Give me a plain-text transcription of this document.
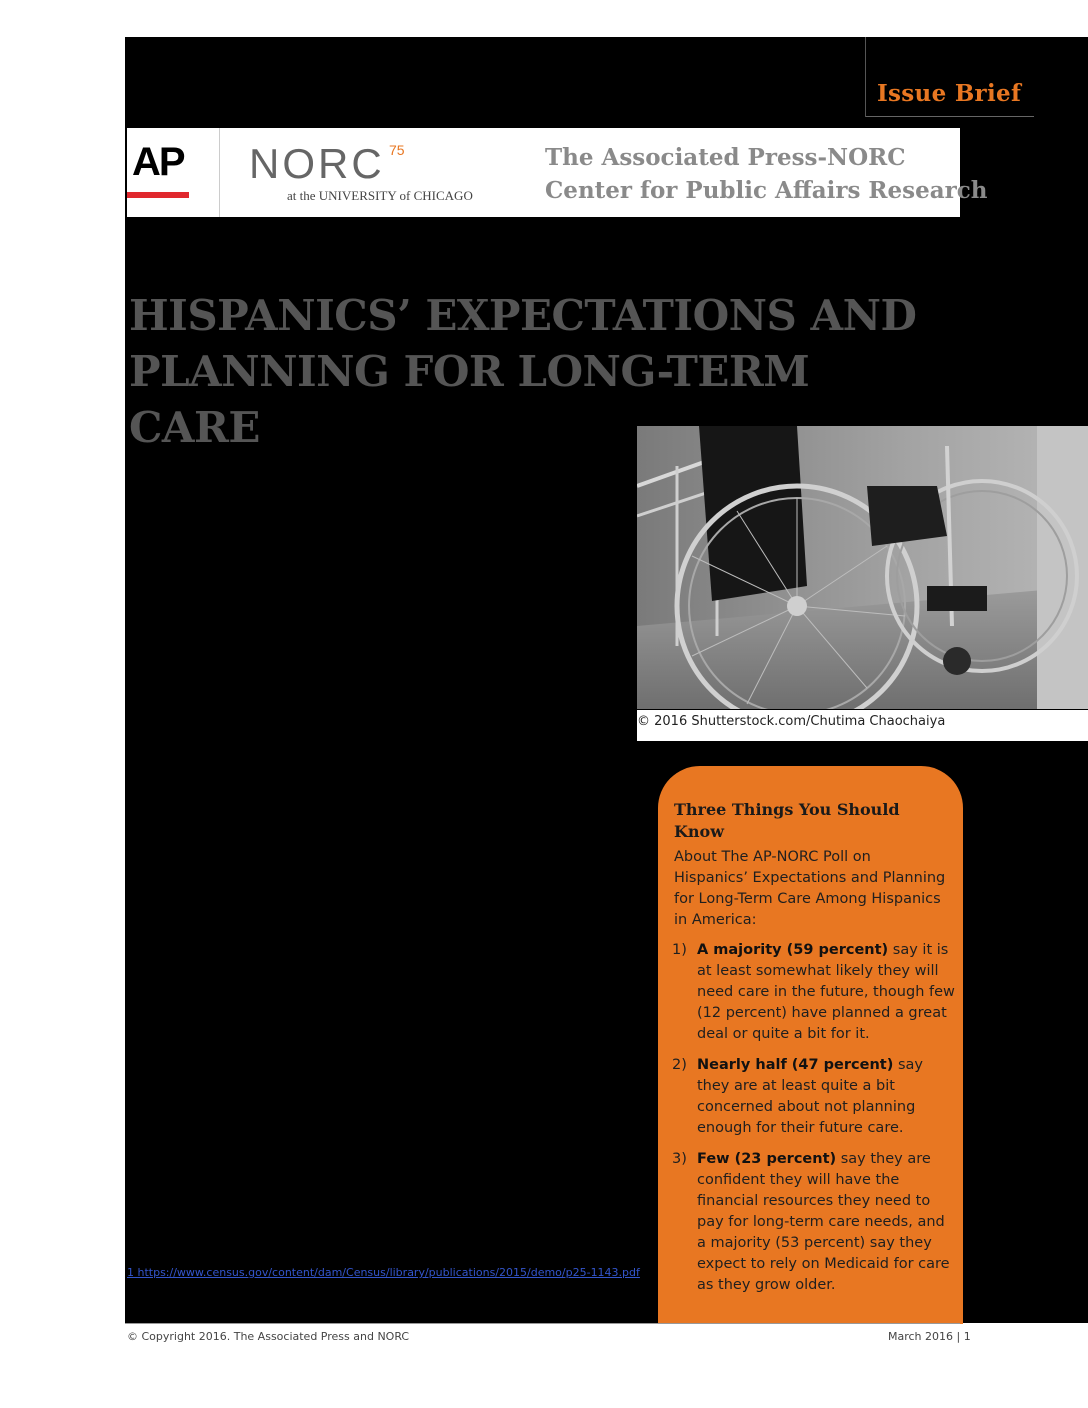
Issue Brief
AP NORC 75
at the UNIVERSITY of CHICAGO
The Associated Press-NORC
Center for Public Affairs Research
HISPANICS’ EXPECTATIONS AND
PLANNING FOR LONG-TERM CARE
© 2016 Shutterstock.com/Chutima Chaochaiya
Three Things You Should Know
About The AP-NORC Poll on Hispanics’ Expectations and Planning for Long-Term Care Among Hispanics in America:
1) A majority (59 percent) say it is at least somewhat likely they will need care in the future, though few (12 percent) have planned a great deal or quite a bit for it.
2) Nearly half (47 percent) say they are at least quite a bit concerned about not planning enough for their future care.
3) Few (23 percent) say they are confident they will have the financial resources they need to pay for long-term care needs, and a majority (53 percent) say they expect to rely on Medicaid for care as they grow older.
1 https://www.census.gov/content/dam/Census/library/publications/2015/demo/p25-1143.pdf
© Copyright 2016. The Associated Press and NORC	March 2016 | 1
